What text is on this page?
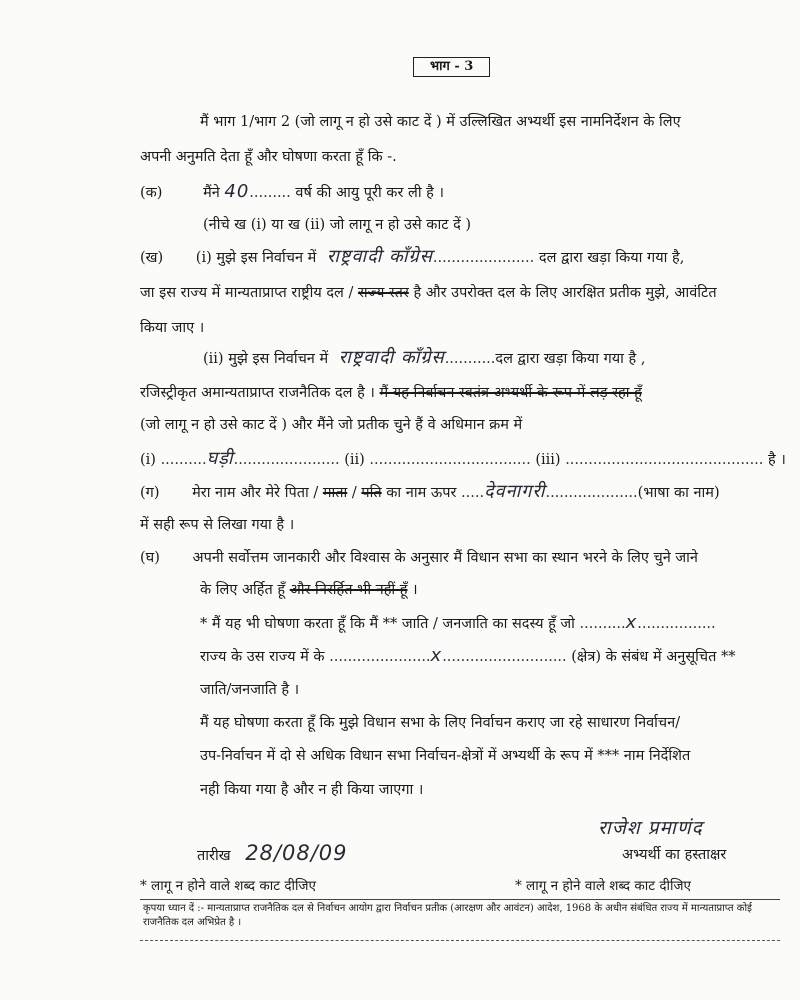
भाग - 3
मैं भाग 1/भाग 2 (जो लागू न हो उसे काट दें ) में उल्लिखित अभ्यर्थी इस नामनिर्देशन के लिए
अपनी अनुमति देता हूँ और घोषणा करता हूँ कि -.
(क)	मैंने 40......... वर्ष की आयु पूरी कर ली है ।
(नीचे ख (i) या ख (ii) जो लागू न हो उसे काट दें )
(ख) (i) मुझे इस निर्वाचन में राष्ट्रवादी कॉंग्रेस...................... दल द्वारा खड़ा किया गया है,
जा इस राज्य में मान्यताप्राप्त राष्ट्रीय दल / राज्य स्तर है और उपरोक्त दल के लिए आरक्षित प्रतीक मुझे, आवंटित
किया जाए ।
(ii) मुझे इस निर्वाचन में राष्ट्रवादी कॉंग्रेस...........दल द्वारा खड़ा किया गया है ,
रजिस्ट्रीकृत अमान्यताप्राप्त राजनैतिक दल है । मैं यह निर्वाचन स्वतंत्र अभ्यर्थी के रूप में लड़ रहा हूँ
(जो लागू न हो उसे काट दें ) और मैंने जो प्रतीक चुने हैं वे अधिमान क्रम में
(i) ..........घड़ी....................... (ii) ................................... (iii) ........................................... है ।
(ग) मेरा नाम और मेरे पिता / माता / पति का नाम ऊपर .....देवनागरी....................(भाषा का नाम)
में सही रूप से लिखा गया है ।
(घ) अपनी सर्वोत्तम जानकारी और विश्वास के अनुसार मैं विधान सभा का स्थान भरने के लिए चुने जाने
के लिए अर्हित हूँ और निरर्हित भी नहीं हूँ ।
* मैं यह भी घोषणा करता हूँ कि मैं ** जाति / जनजाति का सदस्य हूँ जो ..........x.................
राज्य के उस राज्य में के ......................x........................... (क्षेत्र) के संबंध में अनुसूचित **
जाति/जनजाति है ।
मैं यह घोषणा करता हूँ कि मुझे विधान सभा के लिए निर्वाचन कराए जा रहे साधारण निर्वाचन/
उप-निर्वाचन में दो से अधिक विधान सभा निर्वाचन-क्षेत्रों में अभ्यर्थी के रूप में *** नाम निर्देशित
नही किया गया है और न ही किया जाएगा ।
तारीख 28/08/09
राजेश प्रमाणंद
अभ्यर्थी का हस्ताक्षर
* लागू न होने वाले शब्द काट दीजिए	* लागू न होने वाले शब्द काट दीजिए
कृपया ध्यान दें :- मान्यताप्राप्त राजनैतिक दल से निर्वाचन आयोग द्वारा निर्वाचन प्रतीक (आरक्षण और आवंटन) आदेश, 1968 के अधीन संबंधित राज्य में मान्यताप्राप्त कोई राजनैतिक दल अभिप्रेत है ।
